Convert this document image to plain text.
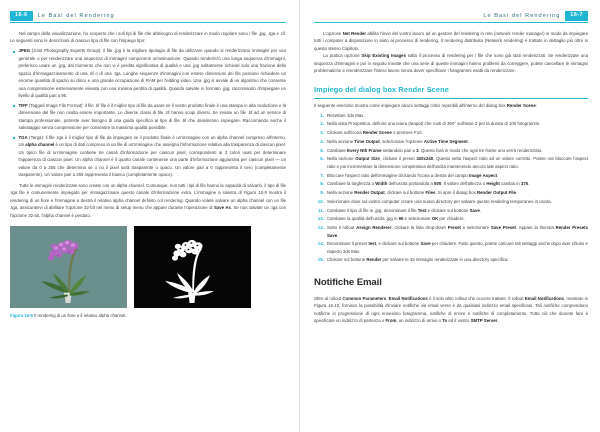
16-6	Le Basi del Rendering

Nel campo della visualizzazione, ho scoperto che i soli tipi di file che abbisogno di renderizzare in modo regolare sono i file .jpg, .tga e .tif. Le seguenti sono le descrizioni di ciascun tipo di file con l'impiego tipo:

JPEG (Joint Photography Experts Group): il file .jpg è la migliore tipologia di file da utilizzare quando si renderizzano immagini per uso generale o per renderizzare una sequenza di immagini componenti un'animazione. Quando renderizzo una lunga sequenza d'immagini, preferisco usare un .jpg, dal momento che non vi è perdita significativa di qualità e una .jpg solitamente richiede solo una frazione dello spazio d'immagazzinamento di una .tif o di una .tga. Lunghe sequenze d'immagini con estese dimensioni dei file possono richiedere un enorme quantità di spazio su disco e una grande occupazione di RAM per l'editing video. Una .jpg si avvale di un algoritmo che consente una compressione estremamente elevata con una minima perdita di qualità. Quando salvate in formato .jpg, raccomando d'impiegare un livello di qualità pari a 95.
TIFF (Tagged Image File Format): il file .tif file è il miglior tipo di file da usare se il vostro prodotto finale è una stampa in alta risoluzione e la dimensione del file non risulta essere importante. Le diverse classi di file .tif hanno scopi diversi. Se inviate un file .tif ad un service di stampa professionale, potreste aver bisogno di una guida specifica al tipo di file .tif che desiderano impiegare. Raccomando anche il salvataggio senza compressione per consentire la massima qualità possibile.
TGA (Targa): il file .tga è il miglior tipo di file da impiegare se il prodotto finale è un'immagine con un alpha channel compreso all'interno. Un alpha channel è un tipo di dati compreso in un file di un'immagine che assegna l'informazione relativa alla trasparenza di ciascun pixel. Un tipico file di un'immagine contiene tre canali d'informazione per ciascun pixel, corrispondenti ai 3 colori usati per determinare l'apparenza di ciascun pixel. Un alpha channel è il quarto canale contenente una parte d'informazione aggiuntiva per ciascun pixel — un valore da 0 a 255 che determina se o no il pixel sarà trasparente o opaco. Un valore pari a 0 rappresenta il nero (completamente trasparente). Un valore pari a 255 rappresenta il bianco (completamente opaco).

Tutte le immagini renderizzate sono create con un alpha channel. Comunque, non tutti i tipi di file hanno la capacità di salvarlo, il tipo di file .tga file è comunemente impiegato per immagazzinare questo canale d'informazione extra. L'immagine a sinistra di Figura 16-9 mostra il rendering di un fiore e l'immagine a destra il relativo alpha channel definito col rendering. Quando volete salvare un alpha channel con un file .tga, assicuratevi di abilitare l'opzione 32-bit nel menu di setup menu che appare durante l'operazione di Save As. Se non salvate un .tga con l'opzione 32-bit, l'alpha channel è perduto.

Figura 16-9 Il rendering di un fiore e il relativo alpha channel.
Le Basi del Rendering	16-7

L'opzione Net Render abilita l'invio del vostro lavoro ad un gestore del rendering in rete (network render manager) in modo da impiegare tutti i computer a disposizione in aiuto al processo di rendering. Il rendering distribuito (Network rendering) è trattato in dettaglio più oltre in questo stesso Capitolo.

La pratica opzione Skip Existing Images salta il processo di rendering per i file che sono già stati renderizzati. Se renderizzate una sequenza d'immagini e poi in seguito trovate che una serie di queste immagini hanno problemi da correggere, potete cancellare le immagini problematiche e rirenderizzare l'intero lavoro senza dover specificare i fotogrammi esatti da renderizzare.

Impiego del dialog box Render Scene

Il seguente esercizio mostra come impiegare alcuni settaggi critici reperibili all'interno del dialog box Render Scene:

1. Resettare 3ds Max.
2. Nella vista Prospettica, definire una teiera (teapot) che ruoti di 360° sull'asse Z per la durata di 100 fotogrammi.
3. Clickare sull'icona Render Scene o premere F10.
4. Nella sezione Time Output, selezionare l'opzione Active Time Segment.
5. Cambiare Every Nth Frame settandolo pari a 3. Questo farà in modo che ogni tre frame uno verrà renderizzato.
6. Nella sezione Output Size, clickare il preset 320x240. Questo setta l'aspect ratio ad un valore corretto. Potete ora bloccare l'aspect ratio e poi incrementare la dimensione complessiva dell'uscita mantenendo ancora tale aspect ratio.
7. Bloccare l'aspect ratio dell'immagine clickando l'icona a destra del campo Image Aspect.
8. Cambiare la larghezza o Width dell'uscita portandola a 500. Il valore dell'altezza o Height cambia in 375.
9. Nella sezione Render Output, clickare sul bottone Files. Si apre il dialog box Render Output File.
10. Selezionare dove sul vostro computer creare una nuova directory per salvare questo rendering temporaneo in uscita.
11. Cambiare il tipo di file in .jpg, denominare il file Test e clickare sul bottone Save.
12. Cambiare la qualità dell'uscita .jpg in 95 e selezionare OK per chiudere.
13. Sotto il rollout Assign Renderer, clickare la lista drop-down Preset e selezionare Save Preset. Appare la finestra Render Presets Save.
14. Denominare il preset test, e clickare sul bottone Save per chiudere. Fatto questo, potete caricare tali settaggi anche dopo aver chiuso e riaperto 3ds Max.
15. Clickare sul bottone Render per salvare le 33 immagini renderizzate in una directory specifica.
Notifiche Email

Oltre al rollout Common Parameters, Email Notifications è il solo altro rollout che occorre trattare. Il rollout Email Notifications, mostrato in Figura 16-10, fornisce la possibilità d'inviare notifiche via email verso e da qualsiasi indirizzo email specificato. Tali notifiche comprendono notifiche in progressione di ogni ennesimo fotogramma, notifiche di errore e notifiche di completamento. Tutto ciò che dovrete fare è specificare un indirizzo di partenza o From, un indirizzo di arrivo o To ed il vostro SMTP Server.
